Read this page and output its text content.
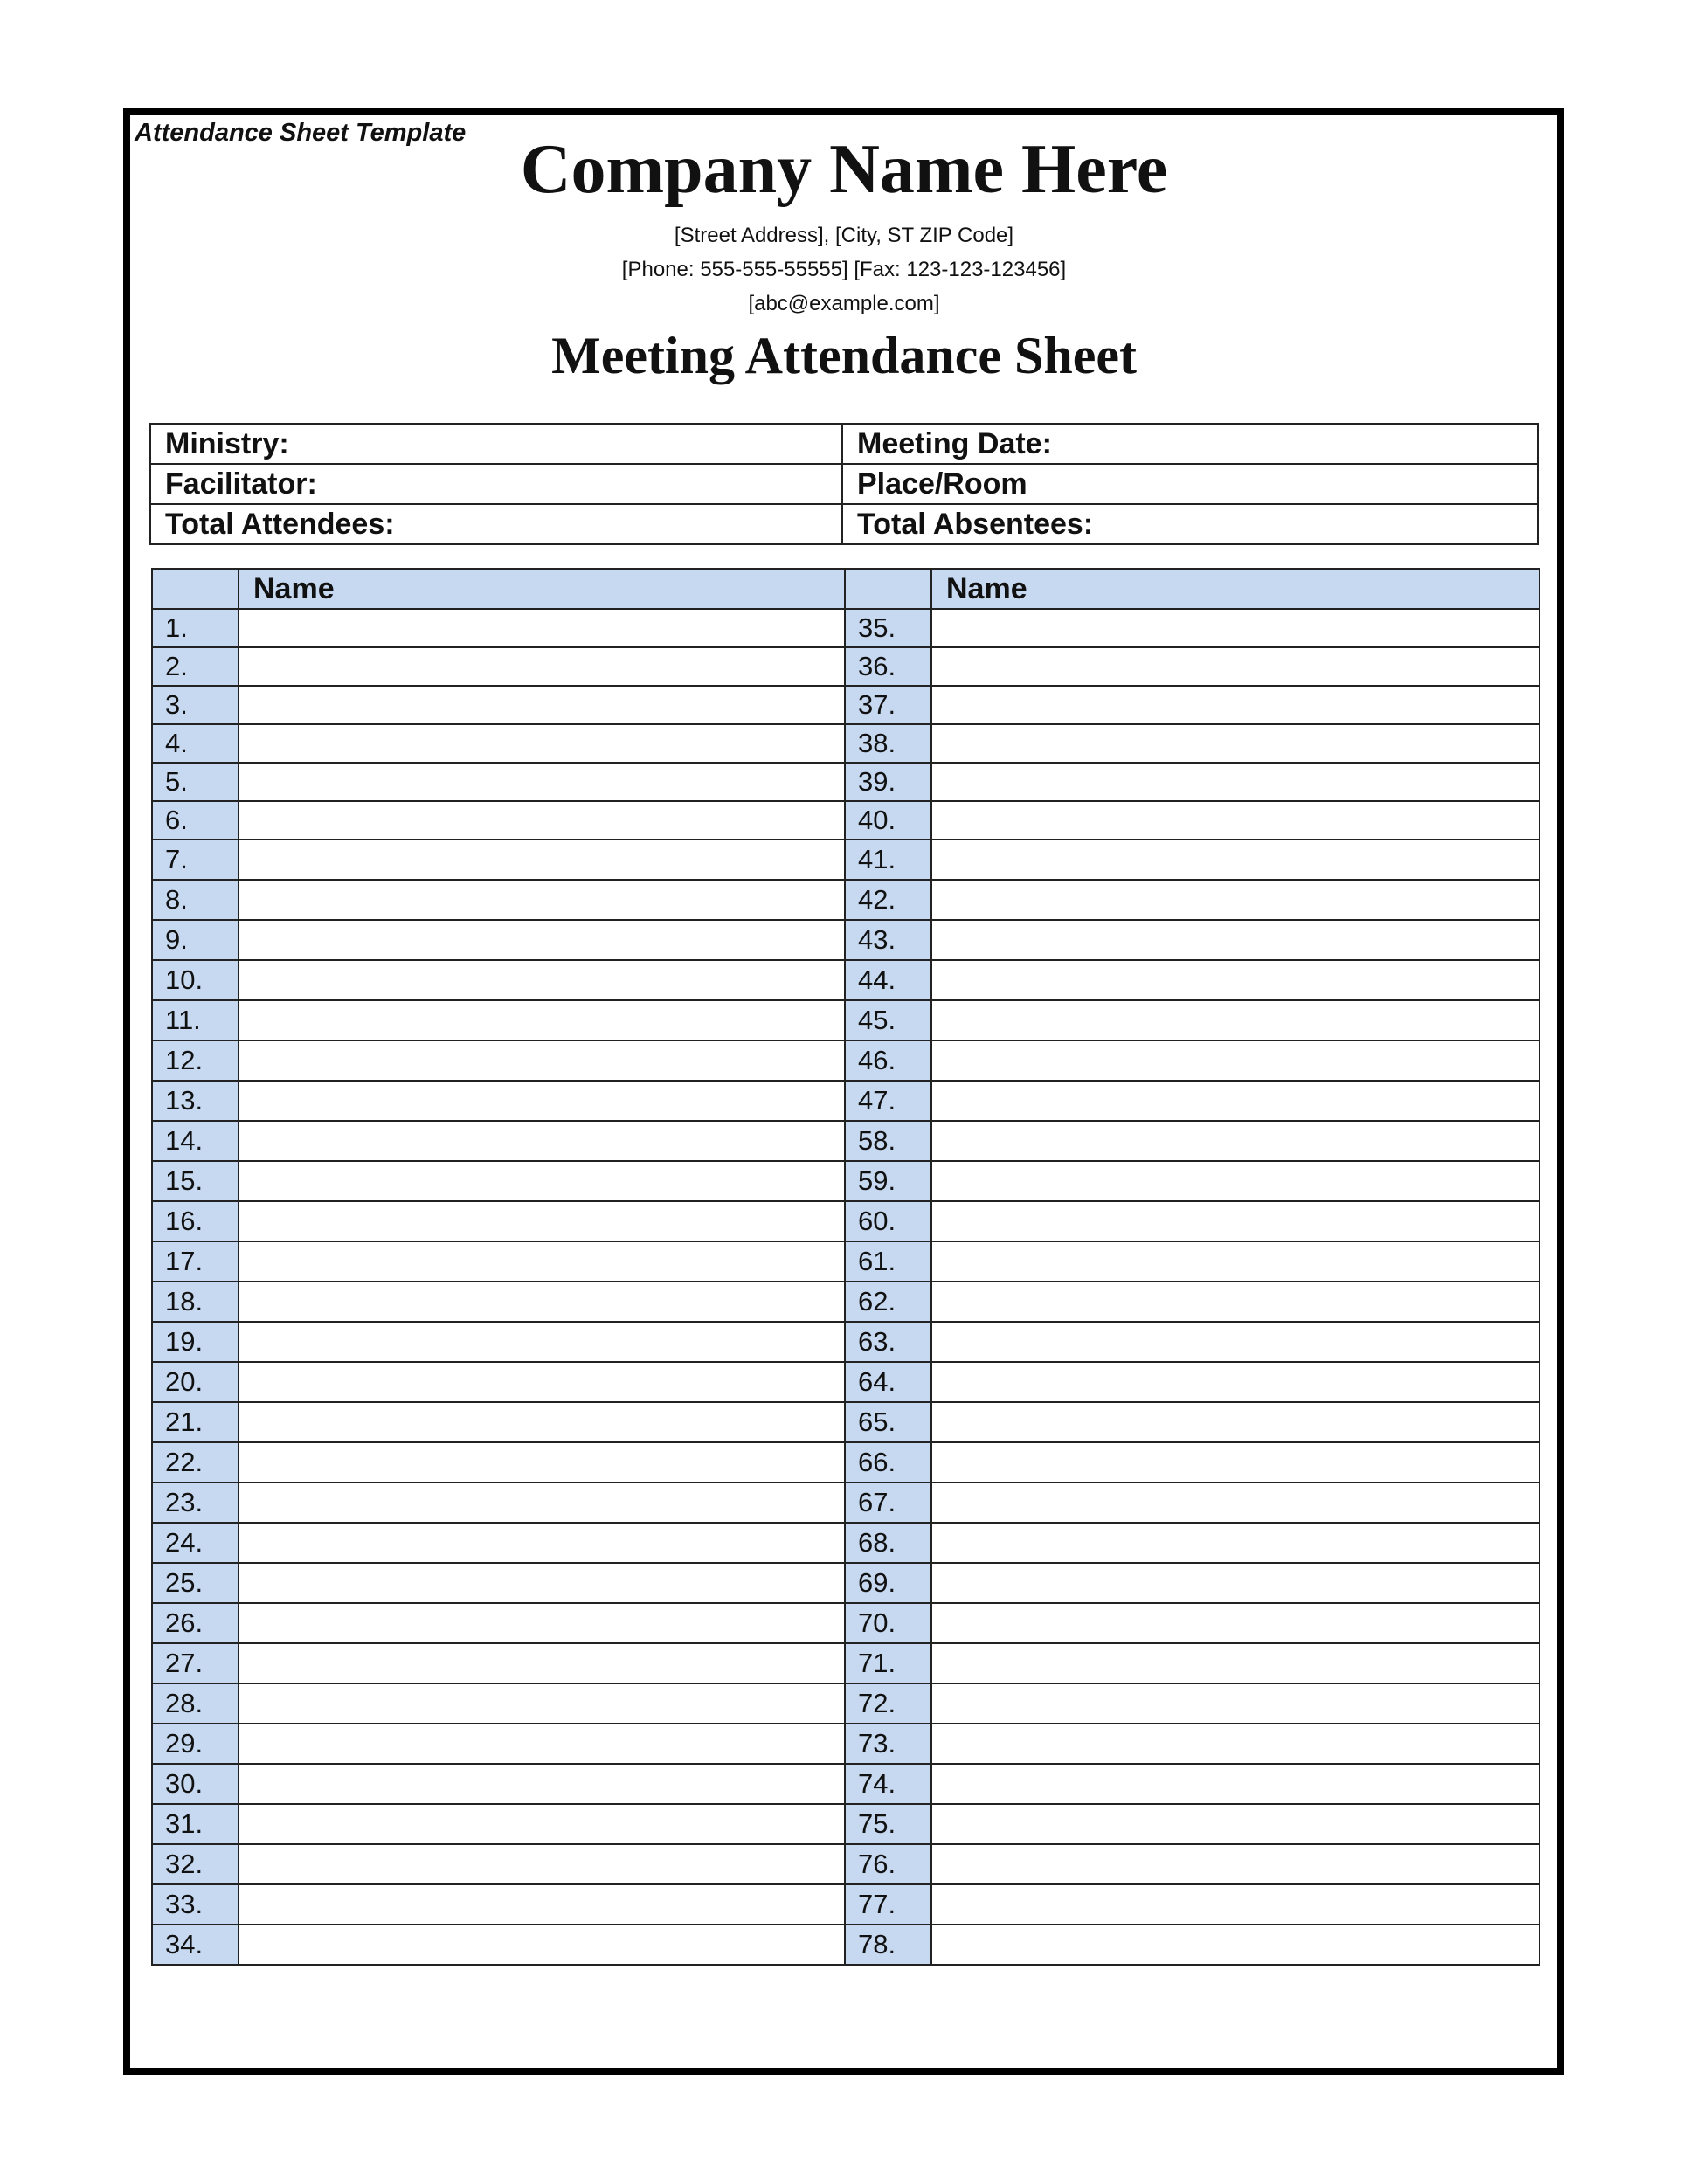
Attendance Sheet Template Company Name Here
[Street Address], [City, ST ZIP Code]
[Phone: 555-555-55555] [Fax: 123-123-123456]
[abc@example.com]
Meeting Attendance Sheet
Ministry:	Meeting Date:
Facilitator:	Place/Room
Total Attendees:	Total Absentees:
	Name		Name
1.		35.	
2.		36.	
3.		37.	
4.		38.	
5.		39.	
6.		40.	
7.		41.	
8.		42.	
9.		43.	
10.		44.	
11.		45.	
12.		46.	
13.		47.	
14.		58.	
15.		59.	
16.		60.	
17.		61.	
18.		62.	
19.		63.	
20.		64.	
21.		65.	
22.		66.	
23.		67.	
24.		68.	
25.		69.	
26.		70.	
27.		71.	
28.		72.	
29.		73.	
30.		74.	
31.		75.	
32.		76.	
33.		77.	
34.		78.	
